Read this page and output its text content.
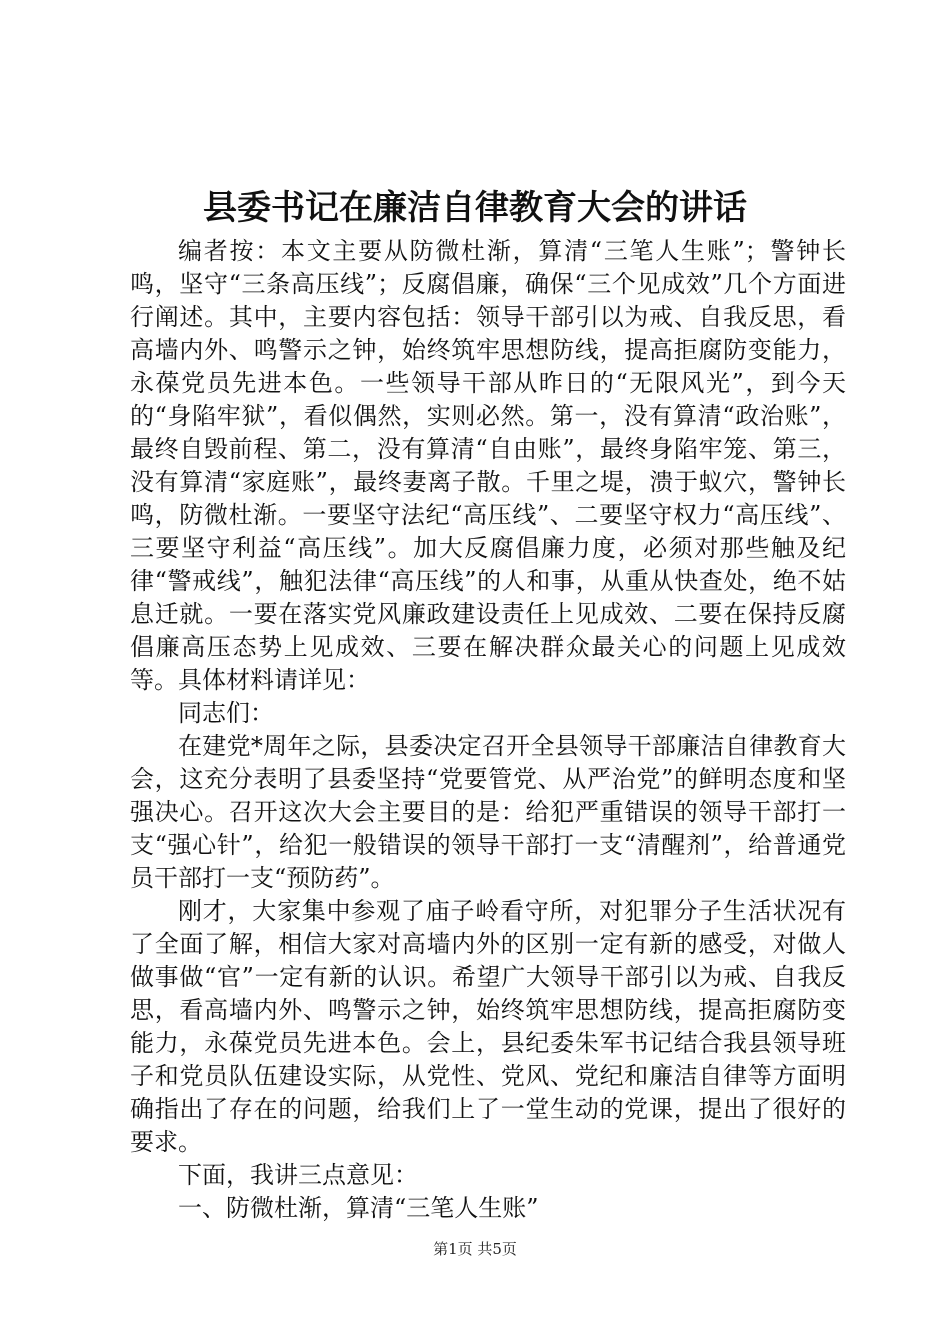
县委书记在廉洁自律教育大会的讲话

编者按：本文主要从防微杜渐，算清“三笔人生账”；警钟长鸣，坚守“三条高压线”；反腐倡廉，确保“三个见成效”几个方面进行阐述。其中，主要内容包括：领导干部引以为戒、自我反思，看高墙内外、鸣警示之钟，始终筑牢思想防线，提高拒腐防变能力，永葆党员先进本色。一些领导干部从昨日的“无限风光”，到今天的“身陷牢狱”，看似偶然，实则必然。第一，没有算清“政治账”，最终自毁前程、第二，没有算清“自由账”，最终身陷牢笼、第三，没有算清“家庭账”，最终妻离子散。千里之堤，溃于蚁穴，警钟长鸣，防微杜渐。一要坚守法纪“高压线”、二要坚守权力“高压线”、三要坚守利益“高压线”。加大反腐倡廉力度，必须对那些触及纪律“警戒线”，触犯法律“高压线”的人和事，从重从快查处，绝不姑息迁就。一要在落实党风廉政建设责任上见成效、二要在保持反腐倡廉高压态势上见成效、三要在解决群众最关心的问题上见成效等。具体材料请详见：

同志们：

在建党*周年之际，县委决定召开全县领导干部廉洁自律教育大会，这充分表明了县委坚持“党要管党、从严治党”的鲜明态度和坚强决心。召开这次大会主要目的是：给犯严重错误的领导干部打一支“强心针”，给犯一般错误的领导干部打一支“清醒剂”，给普通党员干部打一支“预防药”。

刚才，大家集中参观了庙子岭看守所，对犯罪分子生活状况有了全面了解，相信大家对高墙内外的区别一定有新的感受，对做人做事做“官”一定有新的认识。希望广大领导干部引以为戒、自我反思，看高墙内外、鸣警示之钟，始终筑牢思想防线，提高拒腐防变能力，永葆党员先进本色。会上，县纪委朱军书记结合我县领导班子和党员队伍建设实际，从党性、党风、党纪和廉洁自律等方面明确指出了存在的问题，给我们上了一堂生动的党课，提出了很好的要求。

下面，我讲三点意见：

一、防微杜渐，算清“三笔人生账”

第1页 共5页
